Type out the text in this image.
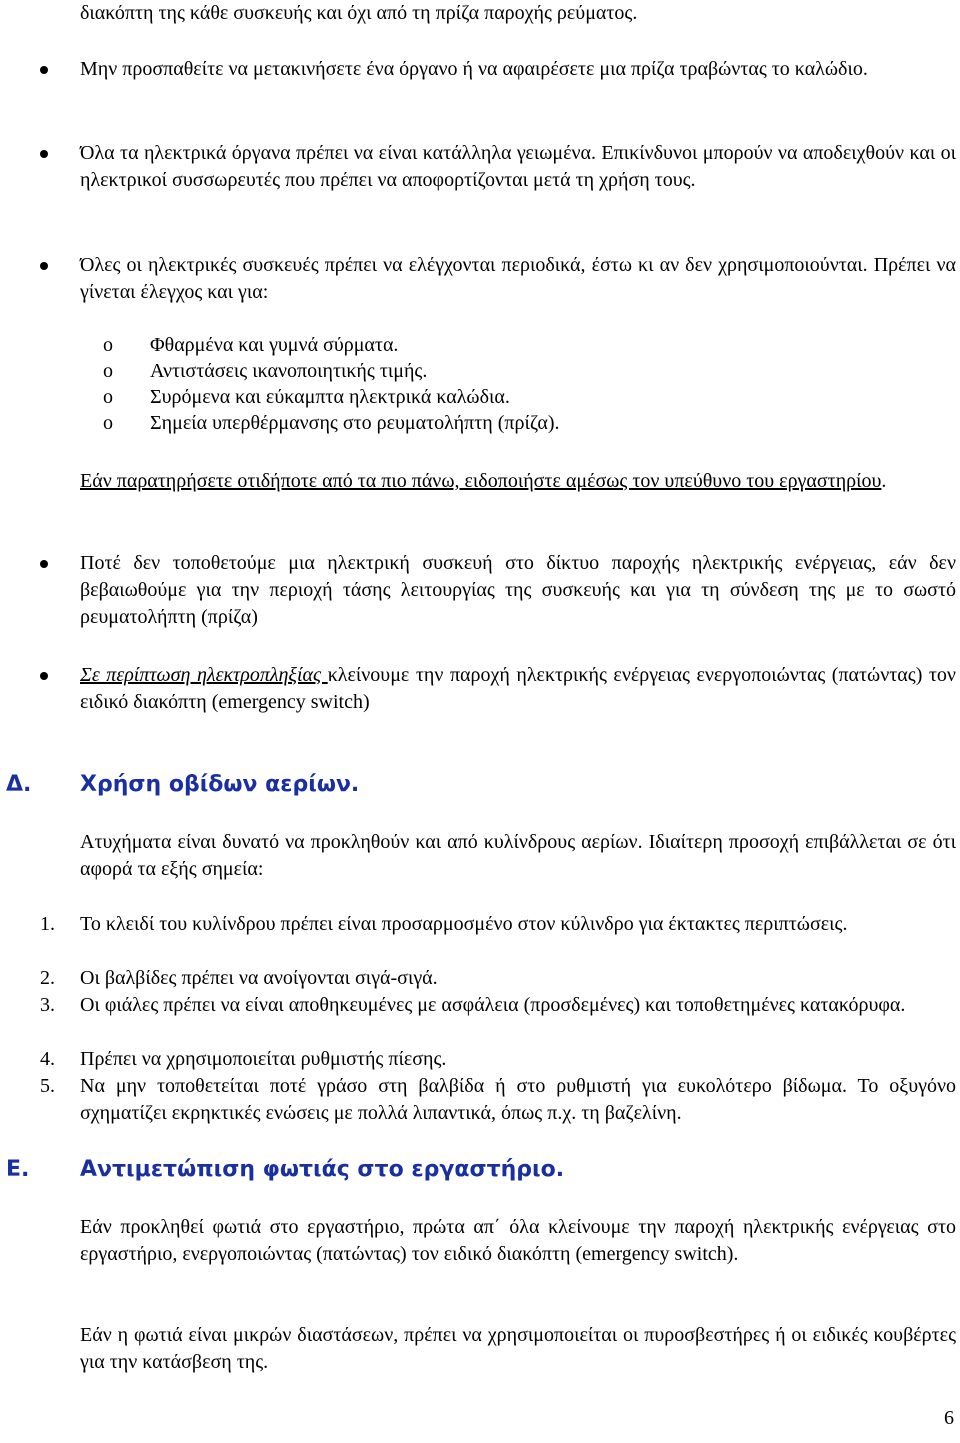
διακόπτη της κάθε συσκευής και όχι από τη πρίζα παροχής ρεύματος.
Μην προσπαθείτε να μετακινήσετε ένα όργανο ή να αφαιρέσετε μια πρίζα τραβώντας το καλώδιο.
Όλα τα ηλεκτρικά όργανα πρέπει να είναι κατάλληλα γειωμένα. Επικίνδυνοι μπορούν να αποδειχθούν και οι ηλεκτρικοί συσσωρευτές που πρέπει να αποφορτίζονται μετά τη χρήση τους.
Όλες οι ηλεκτρικές συσκευές πρέπει να ελέγχονται περιοδικά, έστω κι αν δεν χρησιμοποιούνται. Πρέπει να γίνεται έλεγχος και για:
o Φθαρμένα και γυμνά σύρματα.
o Αντιστάσεις ικανοποιητικής τιμής.
o Συρόμενα και εύκαμπτα ηλεκτρικά καλώδια.
o Σημεία υπερθέρμανσης στο ρευματολήπτη (πρίζα).
Εάν παρατηρήσετε οτιδήποτε από τα πιο πάνω, ειδοποιήστε αμέσως τον υπεύθυνο του εργαστηρίου.
Ποτέ δεν τοποθετούμε μια ηλεκτρική συσκευή στο δίκτυο παροχής ηλεκτρικής ενέργειας, εάν δεν βεβαιωθούμε για την περιοχή τάσης λειτουργίας της συσκευής και για τη σύνδεση της με το σωστό ρευματολήπτη (πρίζα)
Σε περίπτωση ηλεκτροπληξίας κλείνουμε την παροχή ηλεκτρικής ενέργειας ενεργοποιώντας (πατώντας) τον ειδικό διακόπτη (emergency switch)
Δ. Χρήση οβίδων αερίων.
Ατυχήματα είναι δυνατό να προκληθούν και από κυλίνδρους αερίων. Ιδιαίτερη προσοχή επιβάλλεται σε ότι αφορά τα εξής σημεία:
1. Το κλειδί του κυλίνδρου πρέπει είναι προσαρμοσμένο στον κύλινδρο για έκτακτες περιπτώσεις.
2. Οι βαλβίδες πρέπει να ανοίγονται σιγά-σιγά.
3. Οι φιάλες πρέπει να είναι αποθηκευμένες με ασφάλεια (προσδεμένες) και τοποθετημένες κατακόρυφα.
4. Πρέπει να χρησιμοποιείται ρυθμιστής πίεσης.
5. Να μην τοποθετείται ποτέ γράσο στη βαλβίδα ή στο ρυθμιστή για ευκολότερο βίδωμα. Το οξυγόνο σχηματίζει εκρηκτικές ενώσεις με πολλά λιπαντικά, όπως π.χ. τη βαζελίνη.
Ε. Αντιμετώπιση φωτιάς στο εργαστήριο.
Εάν προκληθεί φωτιά στο εργαστήριο, πρώτα απ΄ όλα κλείνουμε την παροχή ηλεκτρικής ενέργειας στο εργαστήριο, ενεργοποιώντας (πατώντας) τον ειδικό διακόπτη (emergency switch).
Εάν η φωτιά είναι μικρών διαστάσεων, πρέπει να χρησιμοποιείται οι πυροσβεστήρες ή οι ειδικές κουβέρτες για την κατάσβεση της.
6
